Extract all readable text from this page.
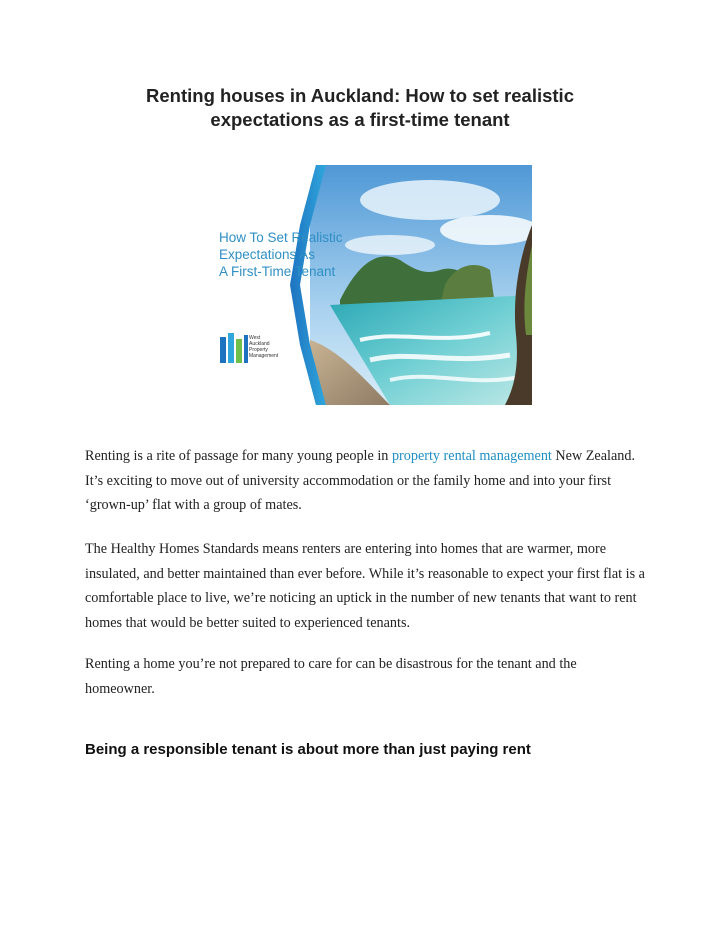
Renting houses in Auckland: How to set realistic
expectations as a first-time tenant
How To Set Realistic
Expectations As
A First-Time Tenant
West
Auckland
Property
Management

Renting is a rite of passage for many young people in property rental management New Zealand. It’s exciting to move out of university accommodation or the family home and into your first ‘grown-up’ flat with a group of mates.

The Healthy Homes Standards means renters are entering into homes that are warmer, more insulated, and better maintained than ever before. While it’s reasonable to expect your first flat is a comfortable place to live, we’re noticing an uptick in the number of new tenants that want to rent homes that would be better suited to experienced tenants.

Renting a home you’re not prepared to care for can be disastrous for the tenant and the homeowner.

Being a responsible tenant is about more than just paying rent
